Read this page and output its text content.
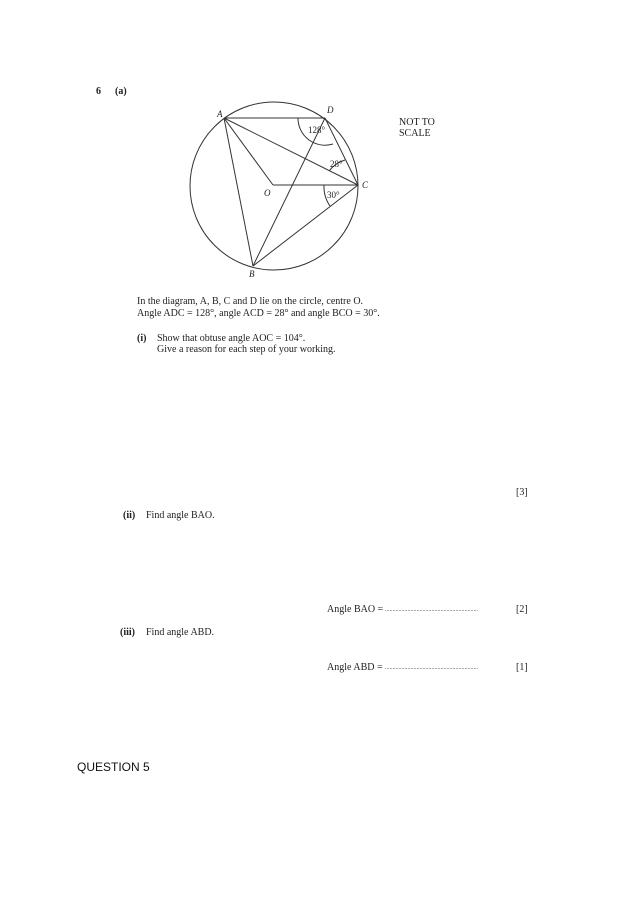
6 (a)
A	D
C
O
B
128°
28°
30°
NOT TO
SCALE
In the diagram, A, B, C and D lie on the circle, centre O.
Angle ADC = 128°, angle ACD = 28° and angle BCO = 30°.
(i) Show that obtuse angle AOC = 104°.
Give a reason for each step of your working.
[3]
(ii) Find angle BAO.
Angle BAO = ..............................................................	[2]
(iii) Find angle ABD.
Angle ABD = ..............................................................	[1]
QUESTION 5
